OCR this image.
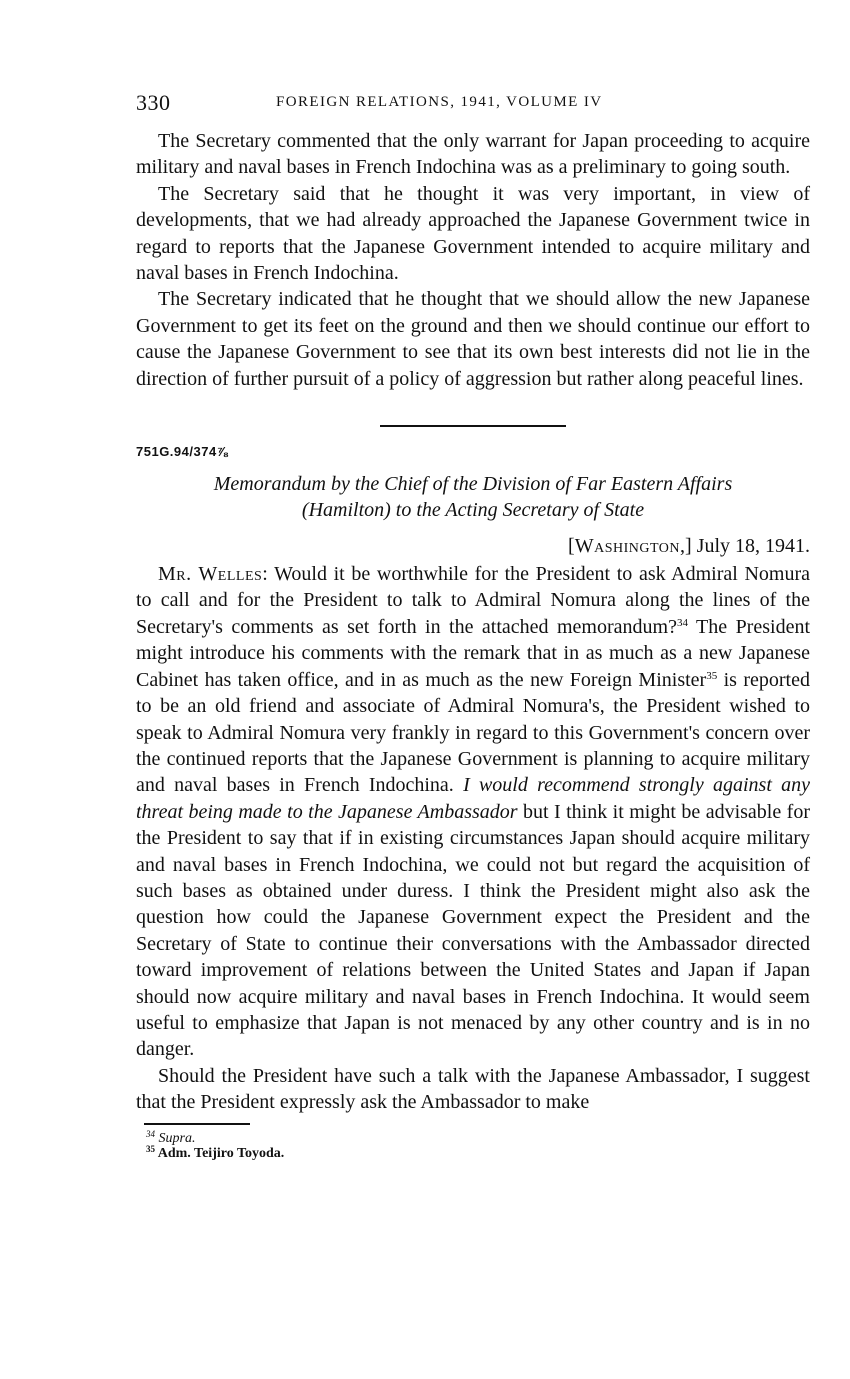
330	FOREIGN RELATIONS, 1941, VOLUME IV

The Secretary commented that the only warrant for Japan proceeding to acquire military and naval bases in French Indochina was as a preliminary to going south.

The Secretary said that he thought it was very important, in view of developments, that we had already approached the Japanese Government twice in regard to reports that the Japanese Government intended to acquire military and naval bases in French Indochina.

The Secretary indicated that he thought that we should allow the new Japanese Government to get its feet on the ground and then we should continue our effort to cause the Japanese Government to see that its own best interests did not lie in the direction of further pursuit of a policy of aggression but rather along peaceful lines.

751G.94/374⅞
Memorandum by the Chief of the Division of Far Eastern Affairs
(Hamilton) to the Acting Secretary of State
[Washington,] July 18, 1941.

Mr. Welles: Would it be worthwhile for the President to ask Admiral Nomura to call and for the President to talk to Admiral Nomura along the lines of the Secretary's comments as set forth in the attached memorandum?$^{34}$ The President might introduce his comments with the remark that in as much as a new Japanese Cabinet has taken office, and in as much as the new Foreign Minister$^{35}$ is reported to be an old friend and associate of Admiral Nomura's, the President wished to speak to Admiral Nomura very frankly in regard to this Government's concern over the continued reports that the Japanese Government is planning to acquire military and naval bases in French Indochina. I would recommend strongly against any threat being made to the Japanese Ambassador but I think it might be advisable for the President to say that if in existing circumstances Japan should acquire military and naval bases in French Indochina, we could not but regard the acquisition of such bases as obtained under duress. I think the President might also ask the question how could the Japanese Government expect the President and the Secretary of State to continue their conversations with the Ambassador directed toward improvement of relations between the United States and Japan if Japan should now acquire military and naval bases in French Indochina. It would seem useful to emphasize that Japan is not menaced by any other country and is in no danger.

Should the President have such a talk with the Japanese Ambassador, I suggest that the President expressly ask the Ambassador to make

$^{34}$ Supra.
$^{35}$ Adm. Teijiro Toyoda.
